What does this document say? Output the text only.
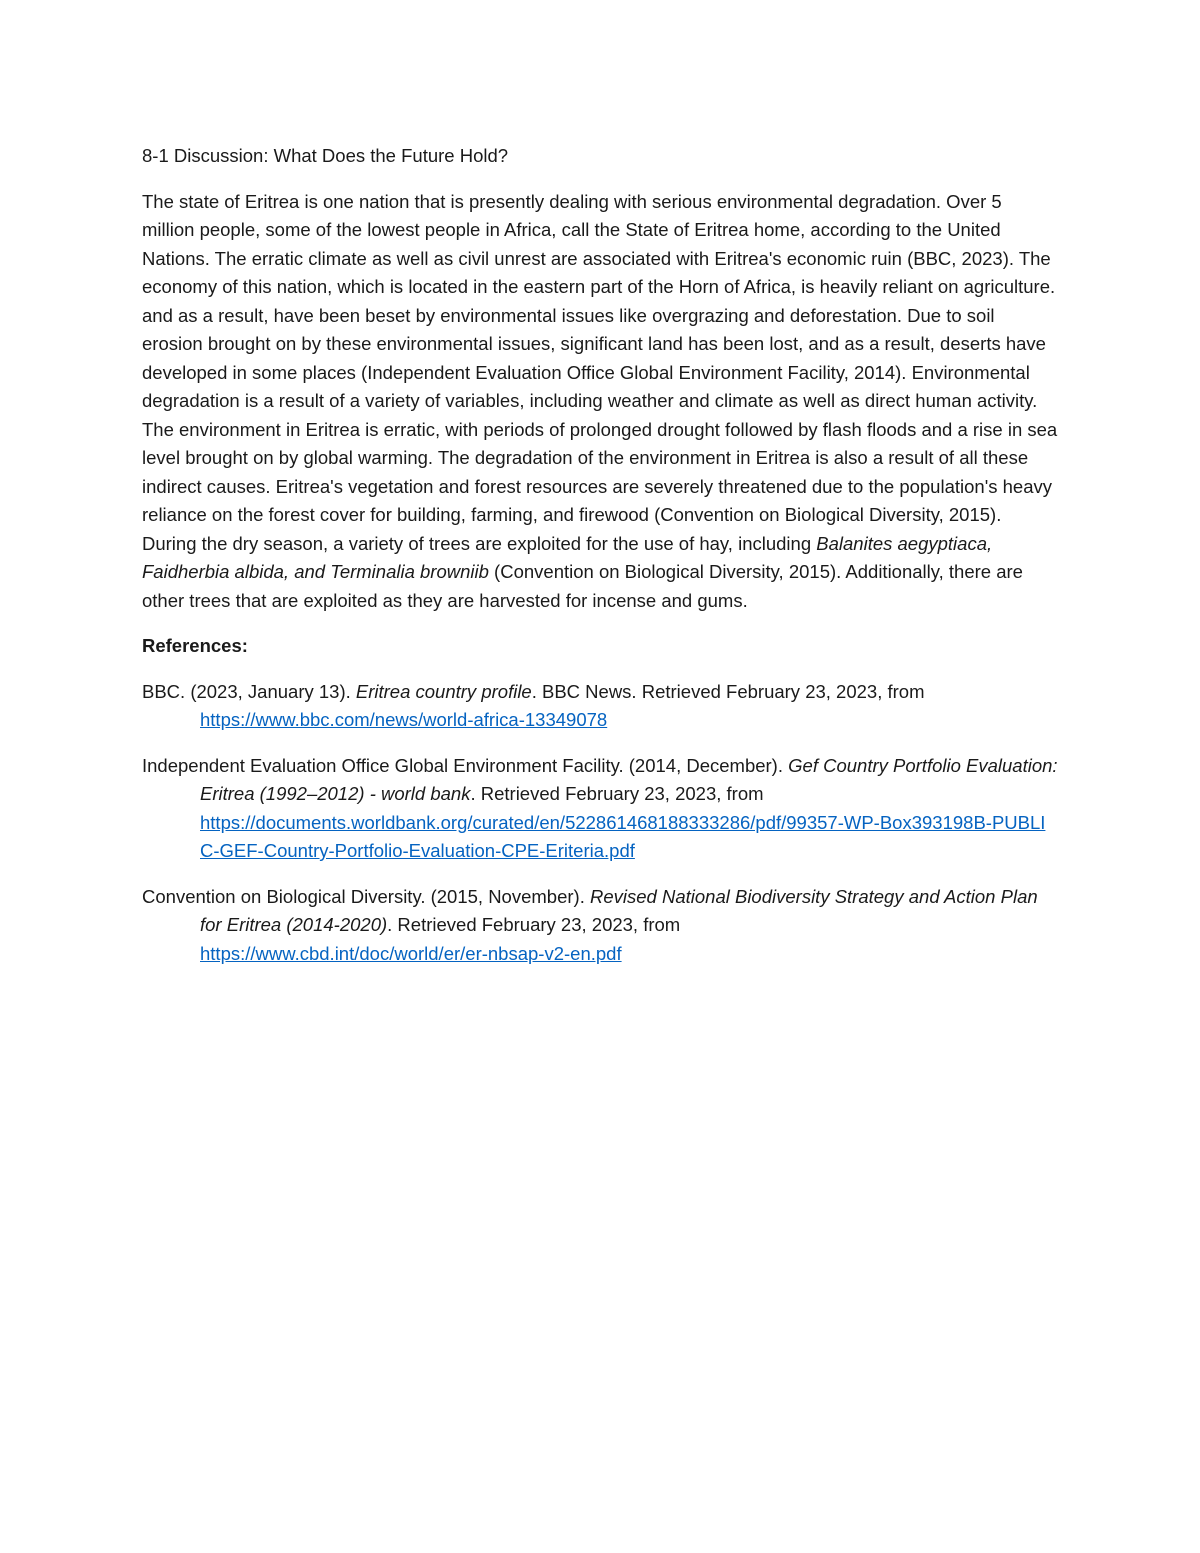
8-1 Discussion: What Does the Future Hold?

The state of Eritrea is one nation that is presently dealing with serious environmental degradation. Over 5 million people, some of the lowest people in Africa, call the State of Eritrea home, according to the United Nations. The erratic climate as well as civil unrest are associated with Eritrea's economic ruin (BBC, 2023). The economy of this nation, which is located in the eastern part of the Horn of Africa, is heavily reliant on agriculture. and as a result, have been beset by environmental issues like overgrazing and deforestation. Due to soil erosion brought on by these environmental issues, significant land has been lost, and as a result, deserts have developed in some places (Independent Evaluation Office Global Environment Facility, 2014). Environmental degradation is a result of a variety of variables, including weather and climate as well as direct human activity. The environment in Eritrea is erratic, with periods of prolonged drought followed by flash floods and a rise in sea level brought on by global warming. The degradation of the environment in Eritrea is also a result of all these indirect causes. Eritrea's vegetation and forest resources are severely threatened due to the population's heavy reliance on the forest cover for building, farming, and firewood (Convention on Biological Diversity, 2015). During the dry season, a variety of trees are exploited for the use of hay, including Balanites aegyptiaca, Faidherbia albida, and Terminalia browniib (Convention on Biological Diversity, 2015). Additionally, there are other trees that are exploited as they are harvested for incense and gums.

References:

BBC. (2023, January 13). Eritrea country profile. BBC News. Retrieved February 23, 2023, from
https://www.bbc.com/news/world-africa-13349078

Independent Evaluation Office Global Environment Facility. (2014, December). Gef Country Portfolio Evaluation: Eritrea (1992–2012) - world bank. Retrieved February 23, 2023, from
https://documents.worldbank.org/curated/en/522861468188333286/pdf/99357-WP-Box393198B-PUBLIC-GEF-Country-Portfolio-Evaluation-CPE-Eriteria.pdf

Convention on Biological Diversity. (2015, November). Revised National Biodiversity Strategy and Action Plan for Eritrea (2014-2020). Retrieved February 23, 2023, from
https://www.cbd.int/doc/world/er/er-nbsap-v2-en.pdf
